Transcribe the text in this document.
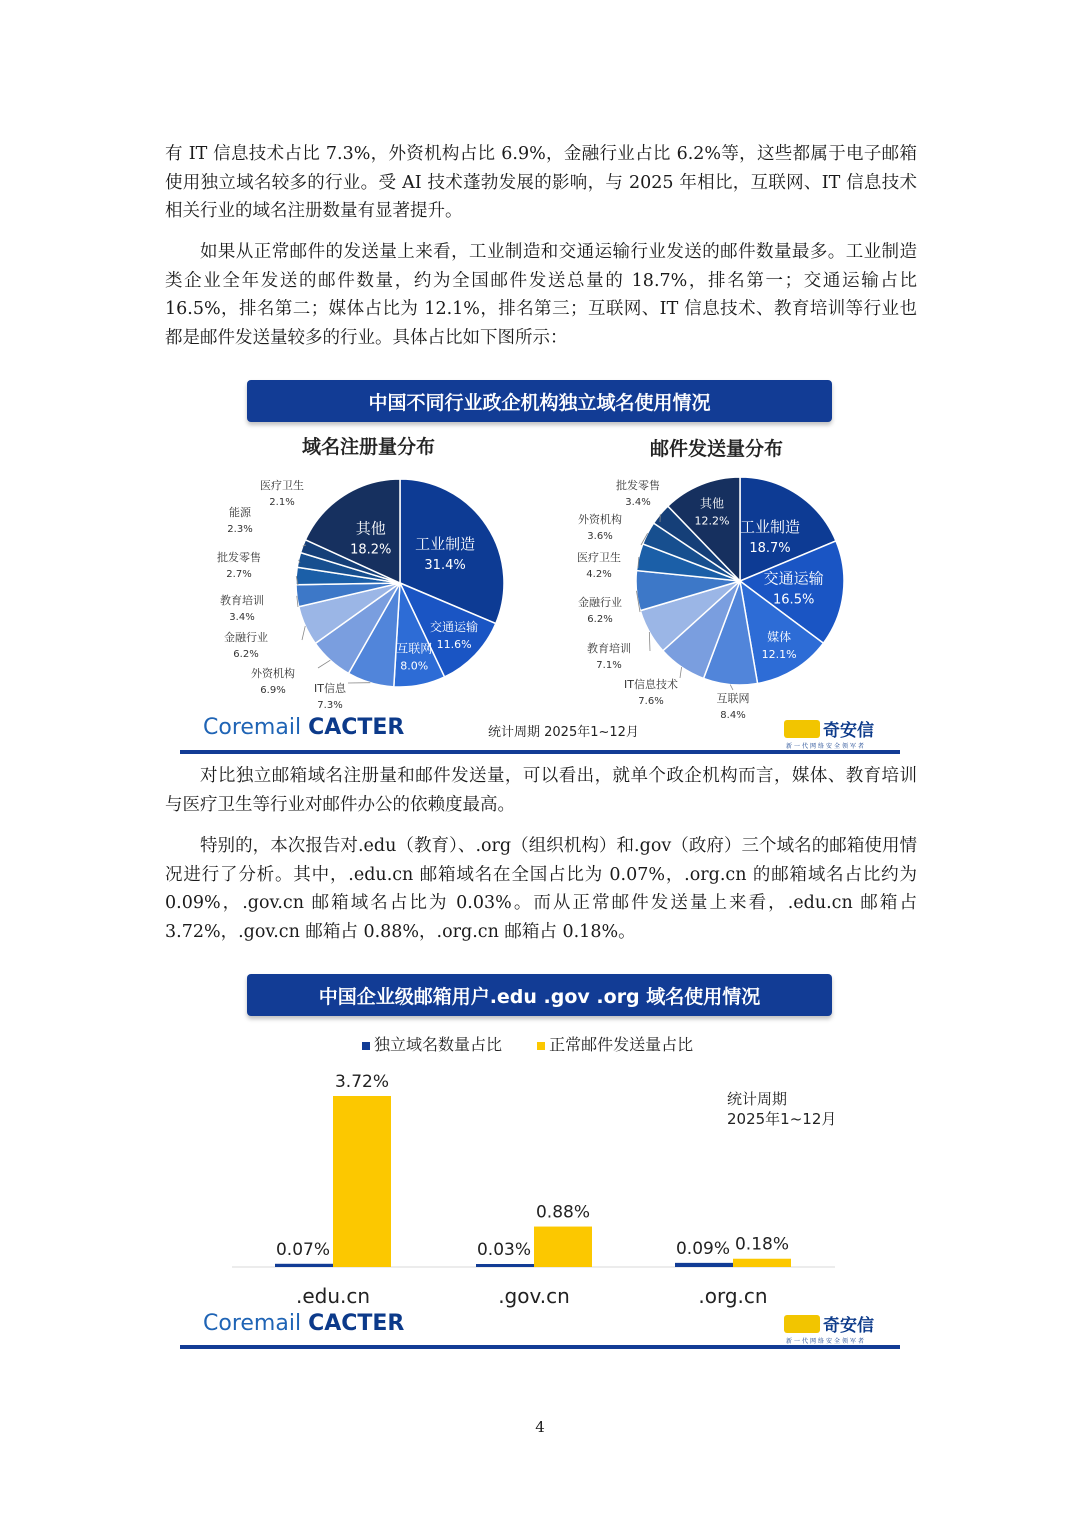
有 IT 信息技术占比 7.3%，外资机构占比 6.9%，金融行业占比 6.2%等，这些都属于电子邮箱使用独立域名较多的行业。受 AI 技术蓬勃发展的影响，与 2025 年相比，互联网、IT 信息技术相关行业的域名注册数量有显著提升。

如果从正常邮件的发送量上来看，工业制造和交通运输行业发送的邮件数量最多。工业制造类企业全年发送的邮件数量，约为全国邮件发送总量的 18.7%，排名第一；交通运输占比 16.5%，排名第二；媒体占比为 12.1%，排名第三；互联网、IT 信息技术、教育培训等行业也都是邮件发送量较多的行业。具体占比如下图所示：

中国不同行业政企机构独立域名使用情况
域名注册量分布	邮件发送量分布
工业制造
31.4%
交通运输
11.6%
互联网
8.0%
IT信息
7.3%
外资机构
6.9%
金融行业
6.2%
教育培训
3.4%
批发零售
2.7%
能源
2.3%
医疗卫生
2.1%
其他
18.2%
工业制造
18.7%
交通运输
16.5%
媒体
12.1%
互联网
8.4%
IT信息技术
7.6%
教育培训
7.1%
金融行业
6.2%
医疗卫生
4.2%
外资机构
3.6%
批发零售
3.4%	其他
12.2%
Coremail CACTER	统计周期 2025年1~12月	奇安信
新一代网络安全领军者

对比独立邮箱域名注册量和邮件发送量，可以看出，就单个政企机构而言，媒体、教育培训与医疗卫生等行业对邮件办公的依赖度最高。

特别的，本次报告对.edu（教育）、.org（组织机构）和.gov（政府）三个域名的邮箱使用情况进行了分析。其中，.edu.cn 邮箱域名在全国占比为 0.07%，.org.cn 的邮箱域名占比约为 0.09%，.gov.cn 邮箱域名占比为 0.03%。而从正常邮件发送量上来看，.edu.cn 邮箱占 3.72%，.gov.cn 邮箱占 0.88%，.org.cn 邮箱占 0.18%。

中国企业级邮箱用户.edu .gov .org 域名使用情况
独立域名数量占比	正常邮件发送量占比
统计周期
2025年1~12月
0.07%
3.72%
.edu.cn
0.03%
0.88%
.gov.cn
0.09% 0.18%
.org.cn
Coremail CACTER	奇安信
新一代网络安全领军者
4
